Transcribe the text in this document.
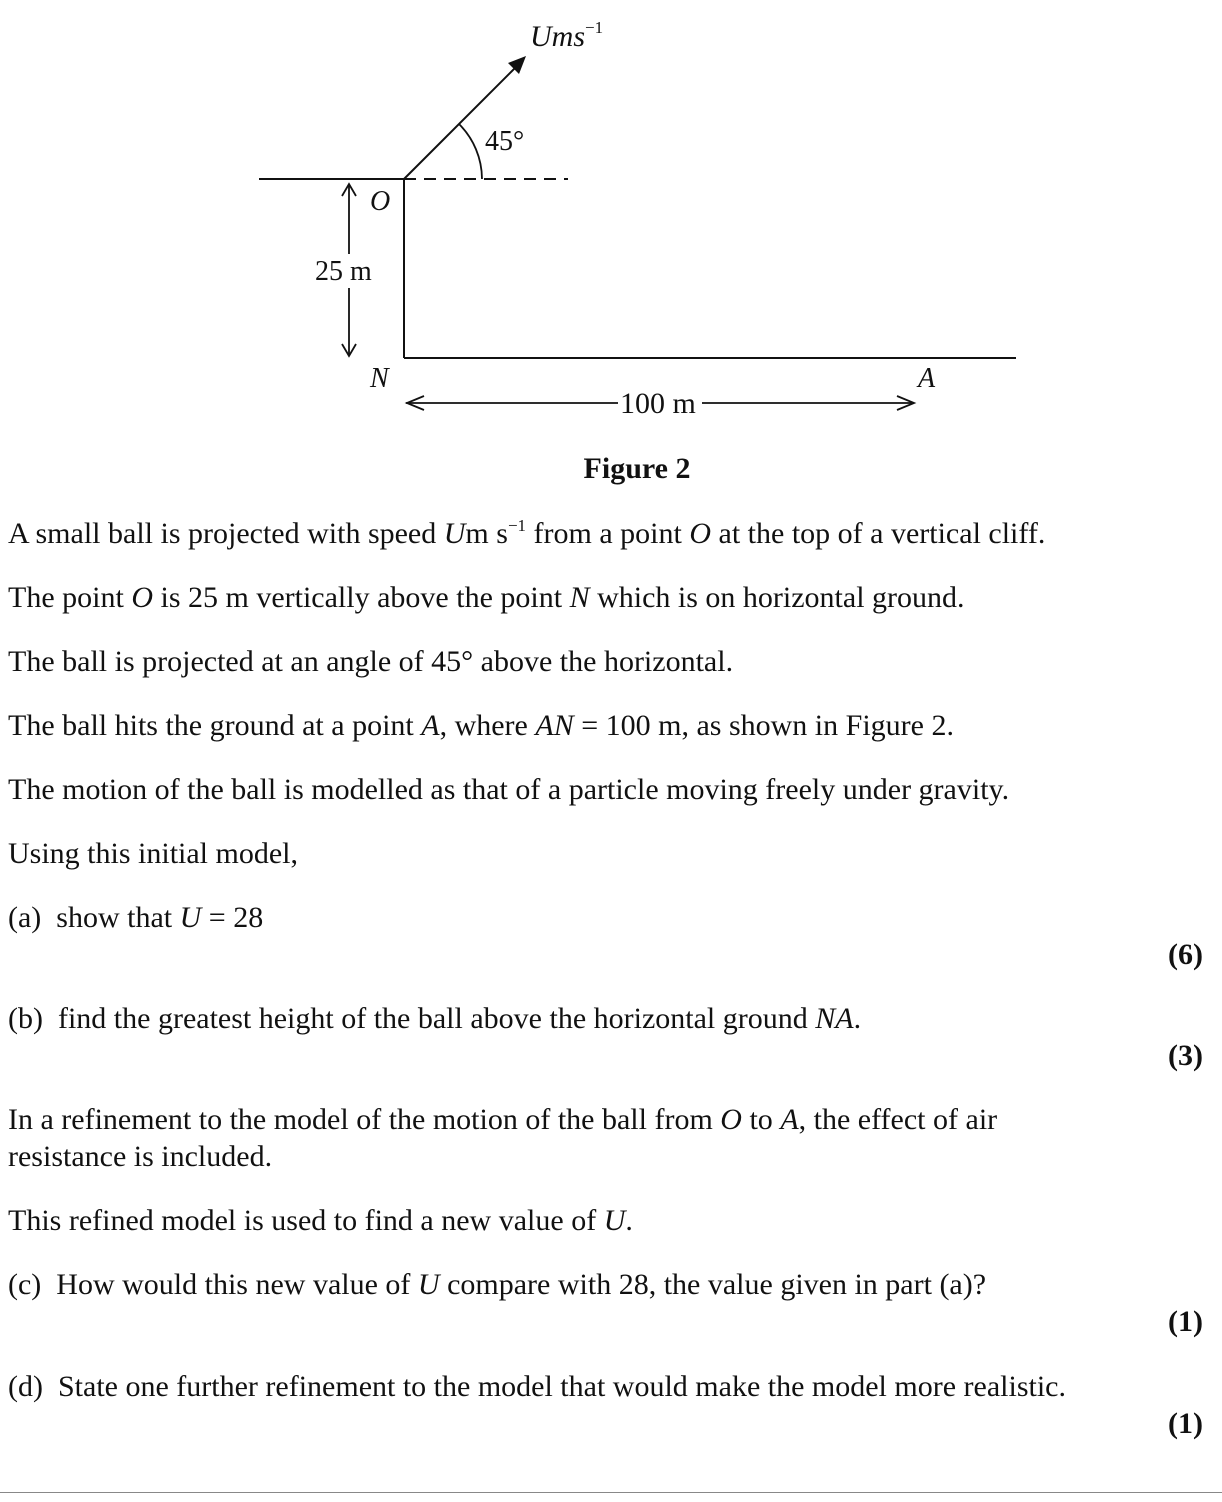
Ums$^{-1}$
45°
O
25 m
N	A
100 m
Figure 2
A small ball is projected with speed Um $s^{-1}$ from a point O at the top of a vertical cliff.
The point O is 25 m vertically above the point N which is on horizontal ground.
The ball is projected at an angle of 45° above the horizontal.
The ball hits the ground at a point A, where AN = 100 m, as shown in Figure 2.
The motion of the ball is modelled as that of a particle moving freely under gravity.
Using this initial model,
(a) show that U = 28
(6)
(b) find the greatest height of the ball above the horizontal ground NA.
(3)
In a refinement to the model of the motion of the ball from O to A, the effect of air
resistance is included.
This refined model is used to find a new value of U.
(c) How would this new value of U compare with 28, the value given in part (a)?
(1)
(d) State one further refinement to the model that would make the model more realistic.
(1)
